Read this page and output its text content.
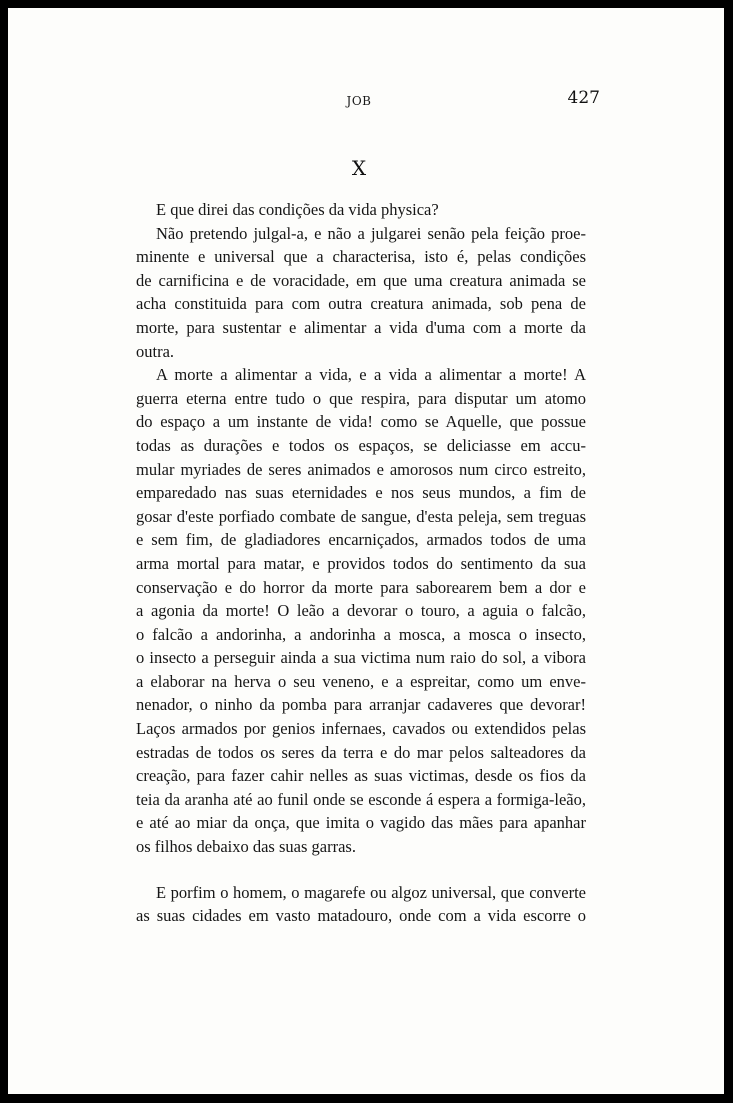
JOB	427
X

E que direi das condições da vida physica?

Não pretendo julgal-a, e não a julgarei senão pela feição proe-
minente e universal que a characterisa, isto é, pelas condições
de carnificina e de voracidade, em que uma creatura animada se
acha constituida para com outra creatura animada, sob pena de
morte, para sustentar e alimentar a vida d'uma com a morte da
outra.

A morte a alimentar a vida, e a vida a alimentar a morte! A
guerra eterna entre tudo o que respira, para disputar um atomo
do espaço a um instante de vida! como se Aquelle, que possue
todas as durações e todos os espaços, se deliciasse em accu-
mular myriades de seres animados e amorosos num circo estreito,
emparedado nas suas eternidades e nos seus mundos, a fim de
gosar d'este porfiado combate de sangue, d'esta peleja, sem treguas
e sem fim, de gladiadores encarniçados, armados todos de uma
arma mortal para matar, e providos todos do sentimento da sua
conservação e do horror da morte para saborearem bem a dor e
a agonia da morte! O leão a devorar o touro, a aguia o falcão,
o falcão a andorinha, a andorinha a mosca, a mosca o insecto,
o insecto a perseguir ainda a sua victima num raio do sol, a vibora
a elaborar na herva o seu veneno, e a espreitar, como um enve-
nenador, o ninho da pomba para arranjar cadaveres que devorar!
Laços armados por genios infernaes, cavados ou extendidos pelas
estradas de todos os seres da terra e do mar pelos salteadores da
creação, para fazer cahir nelles as suas victimas, desde os fios da
teia da aranha até ao funil onde se esconde á espera a formiga-leão,
e até ao miar da onça, que imita o vagido das mães para apanhar
os filhos debaixo das suas garras.

E porfim o homem, o magarefe ou algoz universal, que converte
as suas cidades em vasto matadouro, onde com a vida escorre o
